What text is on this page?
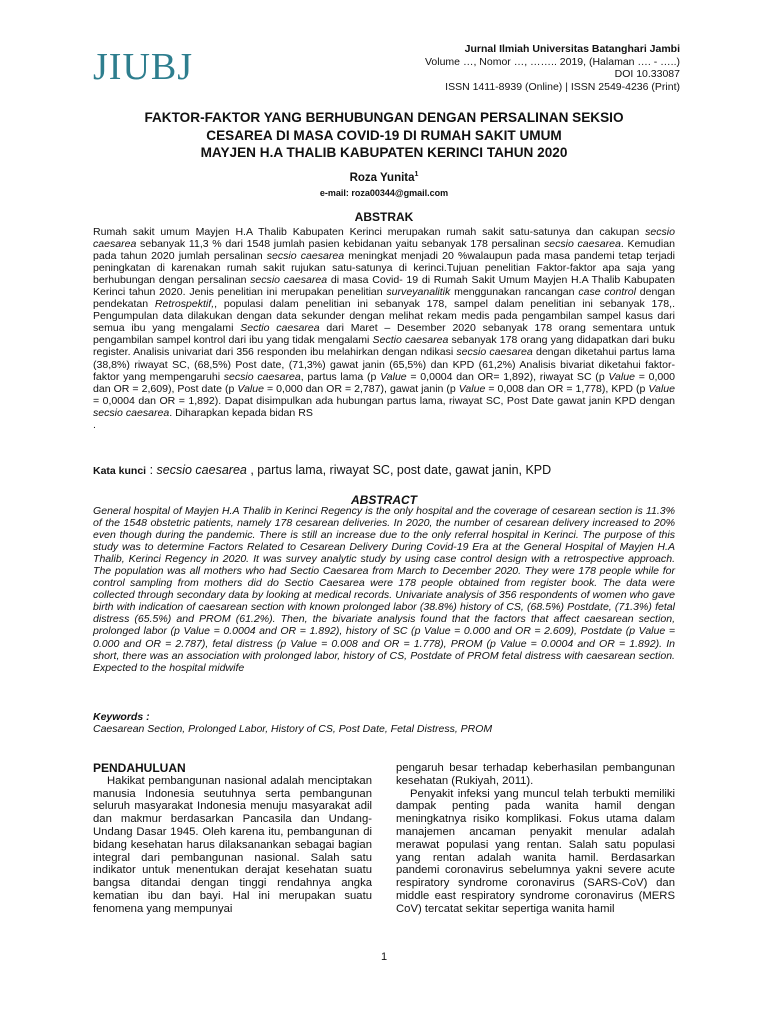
JIUBJ	Jurnal Ilmiah Universitas Batanghari Jambi
Volume …, Nomor …, …….. 2019, (Halaman …. - …..)
DOI 10.33087
ISSN 1411-8939 (Online) | ISSN 2549-4236 (Print)
FAKTOR-FAKTOR YANG BERHUBUNGAN DENGAN PERSALINAN SEKSIO
CESAREA DI MASA COVID-19 DI RUMAH SAKIT UMUM
MAYJEN H.A THALIB KABUPATEN KERINCI TAHUN 2020
Roza Yunita$^1$
e-mail: roza00344@gmail.com
ABSTRAK
Rumah sakit umum Mayjen H.A Thalib Kabupaten Kerinci merupakan rumah sakit satu-satunya dan cakupan secsio caesarea sebanyak 11,3 % dari 1548 jumlah pasien kebidanan yaitu sebanyak 178 persalinan secsio caesarea. Kemudian pada tahun 2020 jumlah persalinan secsio caesarea meningkat menjadi 20 %walaupun pada masa pandemi tetap terjadi peningkatan di karenakan rumah sakit rujukan satu-satunya di kerinci.Tujuan penelitian Faktor-faktor apa saja yang berhubungan dengan persalinan secsio caesarea di masa Covid- 19 di Rumah Sakit Umum Mayjen H.A Thalib Kabupaten Kerinci tahun 2020. Jenis penelitian ini merupakan penelitian surveyanalitik menggunakan rancangan case control dengan pendekatan Retrospektif,, populasi dalam penelitian ini sebanyak 178, sampel dalam penelitian ini sebanyak 178,. Pengumpulan data dilakukan dengan data sekunder dengan melihat rekam medis pada pengambilan sampel kasus dari semua ibu yang mengalami Sectio caesarea dari Maret – Desember 2020 sebanyak 178 orang sementara untuk pengambilan sampel kontrol dari ibu yang tidak mengalami Sectio caesarea sebanyak 178 orang yang didapatkan dari buku register. Analisis univariat dari 356 responden ibu melahirkan dengan ndikasi secsio caesarea dengan diketahui partus lama (38,8%) riwayat SC, (68,5%) Post date, (71,3%) gawat janin (65,5%) dan KPD (61,2%) Analisis bivariat diketahui faktor-faktor yang mempengaruhi secsio caesarea, partus lama (p Value = 0,0004 dan OR= 1,892), riwayat SC (p Value = 0,000 dan OR = 2,609), Post date (p Value = 0,000 dan OR = 2,787), gawat janin (p Value = 0,008 dan OR = 1,778), KPD (p Value = 0,0004 dan OR = 1,892). Dapat disimpulkan ada hubungan partus lama, riwayat SC, Post Date gawat janin KPD dengan secsio caesarea. Diharapkan kepada bidan RS
.
Kata kunci : secsio caesarea , partus lama, riwayat SC, post date, gawat janin, KPD
ABSTRACT
General hospital of Mayjen H.A Thalib in Kerinci Regency is the only hospital and the coverage of cesarean section is 11.3% of the 1548 obstetric patients, namely 178 cesarean deliveries. In 2020, the number of cesarean delivery increased to 20% even though during the pandemic. There is still an increase due to the only referral hospital in Kerinci. The purpose of this study was to determine Factors Related to Cesarean Delivery During Covid-19 Era at the General Hospital of Mayjen H.A Thalib, Kerinci Regency in 2020. It was survey analytic study by using case control design with a retrospective approach. The population was all mothers who had Sectio Caesarea from March to December 2020. They were 178 people while for control sampling from mothers did do Sectio Caesarea were 178 people obtained from register book. The data were collected through secondary data by looking at medical records. Univariate analysis of 356 respondents of women who gave birth with indication of caesarean section with known prolonged labor (38.8%) history of CS, (68.5%) Postdate, (71.3%) fetal distress (65.5%) and PROM (61.2%). Then, the bivariate analysis found that the factors that affect caesarean section, prolonged labor (p Value = 0.0004 and OR = 1.892), history of SC (p Value = 0.000 and OR = 2.609), Postdate (p Value = 0.000 and OR = 2.787), fetal distress (p Value = 0.008 and OR = 1.778), PROM (p Value = 0.0004 and OR = 1.892). In short, there was an association with prolonged labor, history of CS, Postdate of PROM fetal distress with caesarean section. Expected to the hospital midwife
Keywords :
Caesarean Section, Prolonged Labor, History of CS, Post Date, Fetal Distress, PROM
PENDAHULUAN
Hakikat pembangunan nasional adalah menciptakan manusia Indonesia seutuhnya serta pembangunan seluruh masyarakat Indonesia menuju masyarakat adil dan makmur berdasarkan Pancasila dan Undang-Undang Dasar 1945. Oleh karena itu, pembangunan di bidang kesehatan harus dilaksanankan sebagai bagian integral dari pembangunan nasional. Salah satu indikator untuk menentukan derajat kesehatan suatu bangsa ditandai dengan tinggi rendahnya angka kematian ibu dan bayi. Hal ini merupakan suatu fenomena yang mempunyai
pengaruh besar terhadap keberhasilan pembangunan kesehatan (Rukiyah, 2011).
Penyakit infeksi yang muncul telah terbukti memiliki dampak penting pada wanita hamil dengan meningkatnya risiko komplikasi. Fokus utama dalam manajemen ancaman penyakit menular adalah merawat populasi yang rentan. Salah satu populasi yang rentan adalah wanita hamil. Berdasarkan pandemi coronavirus sebelumnya yakni severe acute respiratory syndrome coronavirus (SARS-CoV) dan middle east respiratory syndrome coronavirus (MERS CoV) tercatat sekitar sepertiga wanita hamil
1
